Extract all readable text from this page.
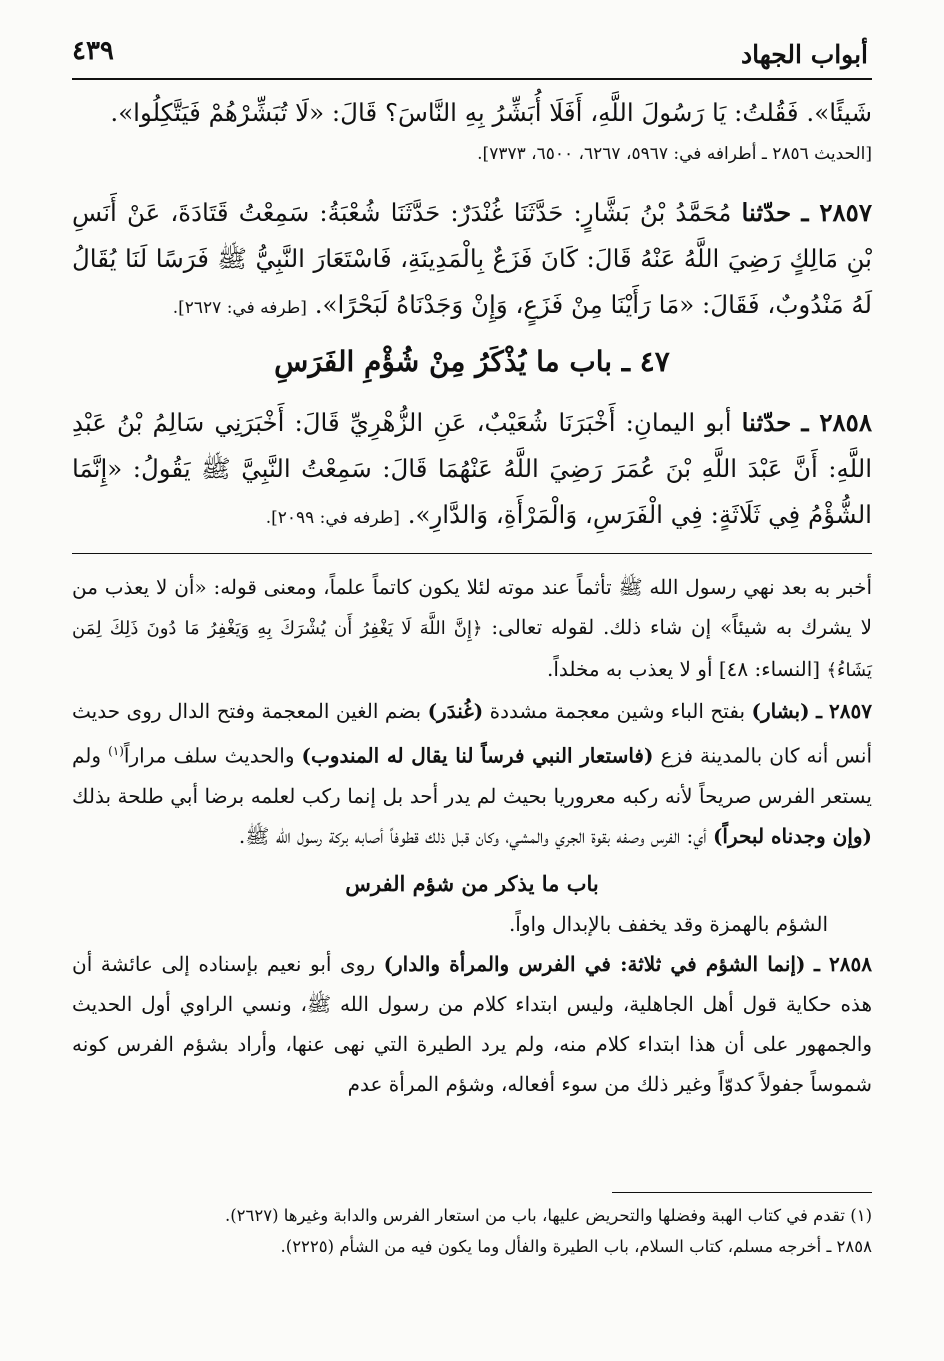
أبواب الجهاد
٤٣٩

شَيئًا». فَقُلتُ: يَا رَسُولَ اللَّهِ، أَفَلَا أُبَشِّرُ بِهِ النَّاسَ؟ قَالَ: «لَا تُبَشِّرْهُمْ فَيَتَّكِلُوا».

[الحديث ٢٨٥٦ ـ أطرافه في: ٥٩٦٧، ٦٢٦٧، ٦٥٠٠، ٧٣٧٣].

٢٨٥٧ ـ حدّثنا مُحَمَّدُ بْنُ بَشَّارٍ: حَدَّثَنَا غُنْدَرٌ: حَدَّثَنَا شُعْبَةُ: سَمِعْتُ قَتَادَةَ، عَنْ أَنَسِ بْنِ مَالِكٍ رَضِيَ اللَّهُ عَنْهُ قَالَ: كَانَ فَزَعٌ بِالْمَدِينَةِ، فَاسْتَعَارَ النَّبِيُّ ﷺ فَرَسًا لَنَا يُقَالُ لَهُ مَنْدُوبٌ، فَقَالَ: «مَا رَأَيْنَا مِنْ فَزَعٍ، وَإِنْ وَجَدْنَاهُ لَبَحْرًا». [طرفه في: ٢٦٢٧].

٤٧ ـ باب ما يُذْكَرُ مِنْ شُؤْمِ الفَرَسِ

٢٨٥٨ ـ حدّثنا أبو اليمانِ: أَخْبَرَنَا شُعَيْبٌ، عَنِ الزُّهْرِيِّ قَالَ: أَخْبَرَنِي سَالِمُ بْنُ عَبْدِ اللَّهِ: أَنَّ عَبْدَ اللَّهِ بْنَ عُمَرَ رَضِيَ اللَّهُ عَنْهُمَا قَالَ: سَمِعْتُ النَّبِيَّ ﷺ يَقُولُ: «إِنَّمَا الشُّؤْمُ فِي ثَلَاثَةٍ: فِي الْفَرَسِ، وَالْمَرْأَةِ، وَالدَّارِ». [طرفه في: ٢٠٩٩].

أخبر به بعد نهي رسول الله ﷺ تأثماً عند موته لئلا يكون كاتماً علماً، ومعنى قوله: «أن لا يعذب من لا يشرك به شيئاً» إن شاء ذلك. لقوله تعالى: ﴿إِنَّ اللَّهَ لَا يَغْفِرُ أَن يُشْرَكَ بِهِ وَيَغْفِرُ مَا دُونَ ذَلِكَ لِمَن يَشَاءُ﴾ [النساء: ٤٨] أو لا يعذب به مخلداً.

٢٨٥٧ ـ (بشار) بفتح الباء وشين معجمة مشددة (غُندَر) بضم الغين المعجمة وفتح الدال روى حديث أنس أنه كان بالمدينة فزع (فاستعار النبي فرساً لنا يقال له المندوب) والحديث سلف مراراً$^{(١)}$ ولم يستعر الفرس صريحاً لأنه ركبه معروريا بحيث لم يدر أحد بل إنما ركب لعلمه برضا أبي طلحة بذلك (وإن وجدناه لبحراً) أي: الفرس وصفه بقوة الجري والمشي، وكان قبل ذلك قطوفاً أصابه بركة رسول الله ﷺ.

باب ما يذكر من شؤم الفرس

الشؤم بالهمزة وقد يخفف بالإبدال واواً.

٢٨٥٨ ـ (إنما الشؤم في ثلاثة: في الفرس والمرأة والدار) روى أبو نعيم بإسناده إلى عائشة أن هذه حكاية قول أهل الجاهلية، وليس ابتداء كلام من رسول الله ﷺ، ونسي الراوي أول الحديث والجمهور على أن هذا ابتداء كلام منه، ولم يرد الطيرة التي نهى عنها، وأراد بشؤم الفرس كونه شموساً جفولاً كدوّاً وغير ذلك من سوء أفعاله، وشؤم المرأة عدم

(١) تقدم في كتاب الهبة وفضلها والتحريض عليها، باب من استعار الفرس والدابة وغيرها (٢٦٢٧).

٢٨٥٨ ـ أخرجه مسلم، كتاب السلام، باب الطيرة والفأل وما يكون فيه من الشأم (٢٢٢٥).
